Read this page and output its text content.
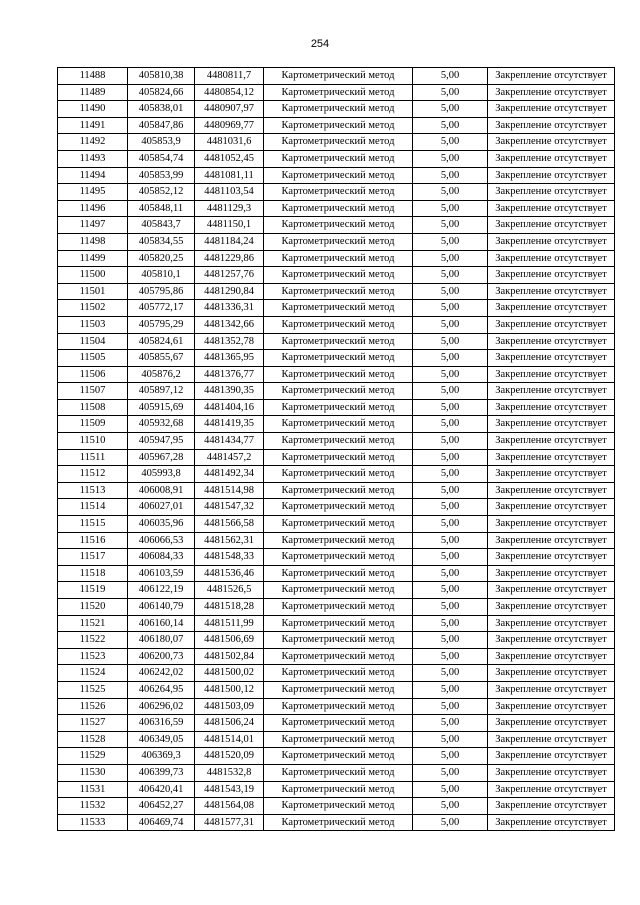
254
11488	405810,38	4480811,7	Картометрический метод	5,00	Закрепление отсутствует
11489	405824,66	4480854,12	Картометрический метод	5,00	Закрепление отсутствует
11490	405838,01	4480907,97	Картометрический метод	5,00	Закрепление отсутствует
11491	405847,86	4480969,77	Картометрический метод	5,00	Закрепление отсутствует
11492	405853,9	4481031,6	Картометрический метод	5,00	Закрепление отсутствует
11493	405854,74	4481052,45	Картометрический метод	5,00	Закрепление отсутствует
11494	405853,99	4481081,11	Картометрический метод	5,00	Закрепление отсутствует
11495	405852,12	4481103,54	Картометрический метод	5,00	Закрепление отсутствует
11496	405848,11	4481129,3	Картометрический метод	5,00	Закрепление отсутствует
11497	405843,7	4481150,1	Картометрический метод	5,00	Закрепление отсутствует
11498	405834,55	4481184,24	Картометрический метод	5,00	Закрепление отсутствует
11499	405820,25	4481229,86	Картометрический метод	5,00	Закрепление отсутствует
11500	405810,1	4481257,76	Картометрический метод	5,00	Закрепление отсутствует
11501	405795,86	4481290,84	Картометрический метод	5,00	Закрепление отсутствует
11502	405772,17	4481336,31	Картометрический метод	5,00	Закрепление отсутствует
11503	405795,29	4481342,66	Картометрический метод	5,00	Закрепление отсутствует
11504	405824,61	4481352,78	Картометрический метод	5,00	Закрепление отсутствует
11505	405855,67	4481365,95	Картометрический метод	5,00	Закрепление отсутствует
11506	405876,2	4481376,77	Картометрический метод	5,00	Закрепление отсутствует
11507	405897,12	4481390,35	Картометрический метод	5,00	Закрепление отсутствует
11508	405915,69	4481404,16	Картометрический метод	5,00	Закрепление отсутствует
11509	405932,68	4481419,35	Картометрический метод	5,00	Закрепление отсутствует
11510	405947,95	4481434,77	Картометрический метод	5,00	Закрепление отсутствует
11511	405967,28	4481457,2	Картометрический метод	5,00	Закрепление отсутствует
11512	405993,8	4481492,34	Картометрический метод	5,00	Закрепление отсутствует
11513	406008,91	4481514,98	Картометрический метод	5,00	Закрепление отсутствует
11514	406027,01	4481547,32	Картометрический метод	5,00	Закрепление отсутствует
11515	406035,96	4481566,58	Картометрический метод	5,00	Закрепление отсутствует
11516	406066,53	4481562,31	Картометрический метод	5,00	Закрепление отсутствует
11517	406084,33	4481548,33	Картометрический метод	5,00	Закрепление отсутствует
11518	406103,59	4481536,46	Картометрический метод	5,00	Закрепление отсутствует
11519	406122,19	4481526,5	Картометрический метод	5,00	Закрепление отсутствует
11520	406140,79	4481518,28	Картометрический метод	5,00	Закрепление отсутствует
11521	406160,14	4481511,99	Картометрический метод	5,00	Закрепление отсутствует
11522	406180,07	4481506,69	Картометрический метод	5,00	Закрепление отсутствует
11523	406200,73	4481502,84	Картометрический метод	5,00	Закрепление отсутствует
11524	406242,02	4481500,02	Картометрический метод	5,00	Закрепление отсутствует
11525	406264,95	4481500,12	Картометрический метод	5,00	Закрепление отсутствует
11526	406296,02	4481503,09	Картометрический метод	5,00	Закрепление отсутствует
11527	406316,59	4481506,24	Картометрический метод	5,00	Закрепление отсутствует
11528	406349,05	4481514,01	Картометрический метод	5,00	Закрепление отсутствует
11529	406369,3	4481520,09	Картометрический метод	5,00	Закрепление отсутствует
11530	406399,73	4481532,8	Картометрический метод	5,00	Закрепление отсутствует
11531	406420,41	4481543,19	Картометрический метод	5,00	Закрепление отсутствует
11532	406452,27	4481564,08	Картометрический метод	5,00	Закрепление отсутствует
11533	406469,74	4481577,31	Картометрический метод	5,00	Закрепление отсутствует
